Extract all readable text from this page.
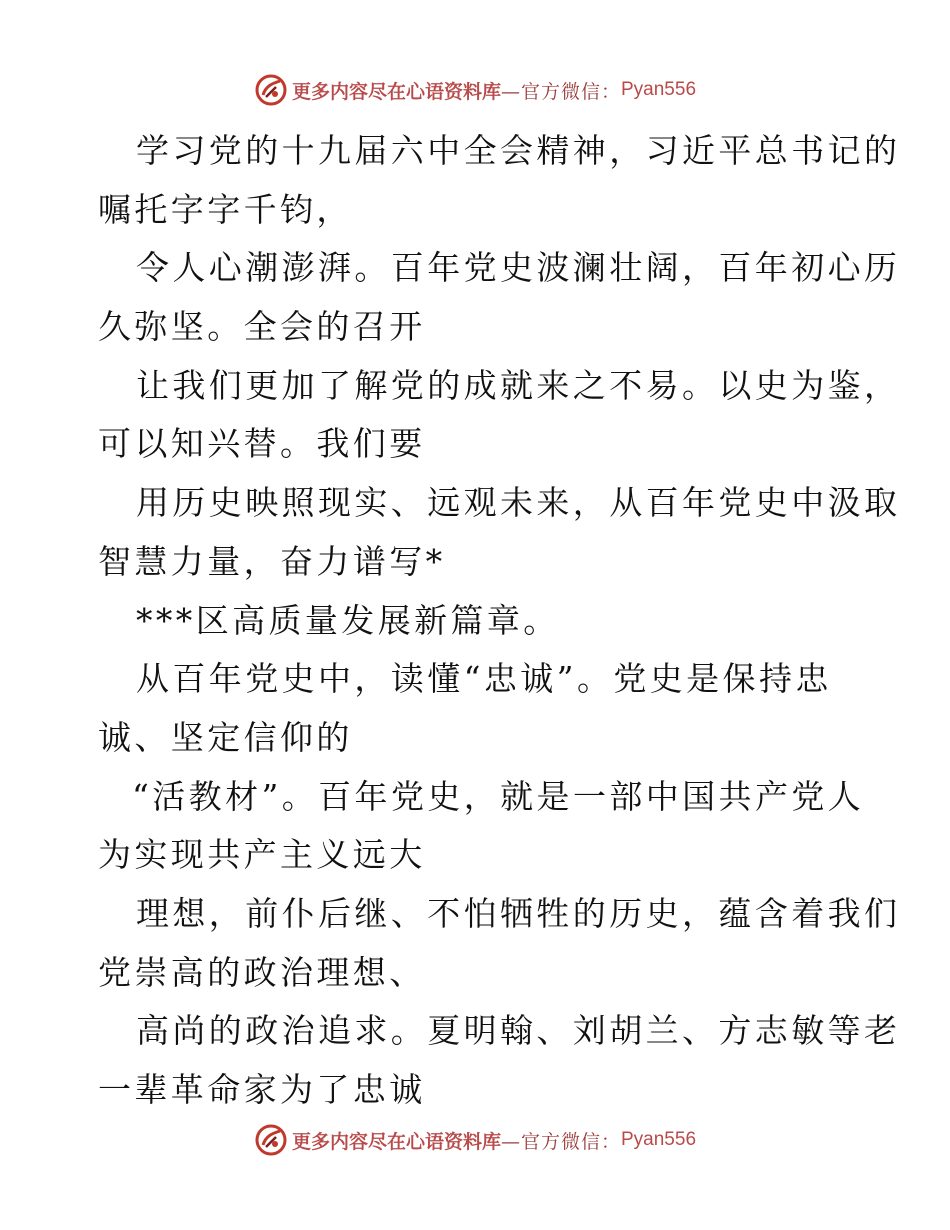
更多内容尽在心语资料库 —官方微信： Pyan556
学习党的十九届六中全会精神，习近平总书记的
嘱托字字千钧，
令人心潮澎湃。百年党史波澜壮阔，百年初心历
久弥坚。全会的召开
让我们更加了解党的成就来之不易。以史为鉴，
可以知兴替。我们要
用历史映照现实、远观未来，从百年党史中汲取
智慧力量，奋力谱写*
***区高质量发展新篇章。
从百年党史中，读懂“忠诚”。党史是保持忠
诚、坚定信仰的
“活教材”。百年党史，就是一部中国共产党人
为实现共产主义远大
理想，前仆后继、不怕牺牲的历史，蕴含着我们
党崇高的政治理想、
高尚的政治追求。夏明翰、刘胡兰、方志敏等老
一辈革命家为了忠诚
更多内容尽在心语资料库 —官方微信： Pyan556
